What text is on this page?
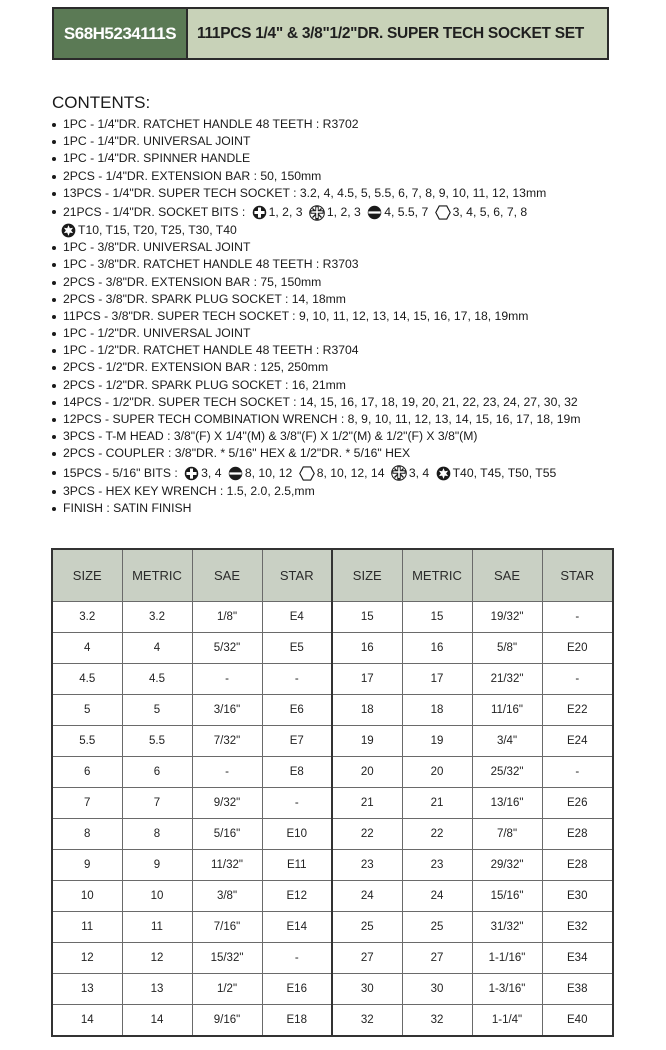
S68H5234111S	111PCS 1/4" & 3/8"1/2"DR. SUPER TECH SOCKET SET
CONTENTS:
1PC - 1/4"DR. RATCHET HANDLE 48 TEETH : R3702
1PC - 1/4"DR. UNIVERSAL JOINT
1PC - 1/4"DR. SPINNER HANDLE
2PCS - 1/4"DR. EXTENSION BAR : 50, 150mm
13PCS - 1/4"DR. SUPER TECH SOCKET : 3.2, 4, 4.5, 5, 5.5, 6, 7, 8, 9, 10, 11, 12, 13mm
21PCS - 1/4"DR. SOCKET BITS : 1, 2, 3 1, 2, 3 4, 5.5, 7 3, 4, 5, 6, 7, 8
T10, T15, T20, T25, T30, T40
1PC - 3/8"DR. UNIVERSAL JOINT
1PC - 3/8"DR. RATCHET HANDLE 48 TEETH : R3703
2PCS - 3/8"DR. EXTENSION BAR : 75, 150mm
2PCS - 3/8"DR. SPARK PLUG SOCKET : 14, 18mm
11PCS - 3/8"DR. SUPER TECH SOCKET : 9, 10, 11, 12, 13, 14, 15, 16, 17, 18, 19mm
1PC - 1/2"DR. UNIVERSAL JOINT
1PC - 1/2"DR. RATCHET HANDLE 48 TEETH : R3704
2PCS - 1/2"DR. EXTENSION BAR : 125, 250mm
2PCS - 1/2"DR. SPARK PLUG SOCKET : 16, 21mm
14PCS - 1/2"DR. SUPER TECH SOCKET : 14, 15, 16, 17, 18, 19, 20, 21, 22, 23, 24, 27, 30, 32
12PCS - SUPER TECH COMBINATION WRENCH : 8, 9, 10, 11, 12, 13, 14, 15, 16, 17, 18, 19m
3PCS - T-M HEAD : 3/8"(F) X 1/4"(M) & 3/8"(F) X 1/2"(M) & 1/2"(F) X 3/8"(M)
2PCS - COUPLER : 3/8"DR. * 5/16" HEX & 1/2"DR. * 5/16" HEX
15PCS - 5/16" BITS : 3, 4 8, 10, 12 8, 10, 12, 14 3, 4 T40, T45, T50, T55
3PCS - HEX KEY WRENCH : 1.5, 2.0, 2.5,mm
FINISH : SATIN FINISH
SIZE	METRIC	SAE	STAR	SIZE	METRIC	SAE	STAR
3.2	3.2	1/8"	E4	15	15	19/32"	-
4	4	5/32"	E5	16	16	5/8"	E20
4.5	4.5	-	-	17	17	21/32"	-
5	5	3/16"	E6	18	18	11/16"	E22
5.5	5.5	7/32"	E7	19	19	3/4"	E24
6	6	-	E8	20	20	25/32"	-
7	7	9/32"	-	21	21	13/16"	E26
8	8	5/16"	E10	22	22	7/8"	E28
9	9	11/32"	E11	23	23	29/32"	E28
10	10	3/8"	E12	24	24	15/16"	E30
11	11	7/16"	E14	25	25	31/32"	E32
12	12	15/32"	-	27	27	1-1/16"	E34
13	13	1/2"	E16	30	30	1-3/16"	E38
14	14	9/16"	E18	32	32	1-1/4"	E40
